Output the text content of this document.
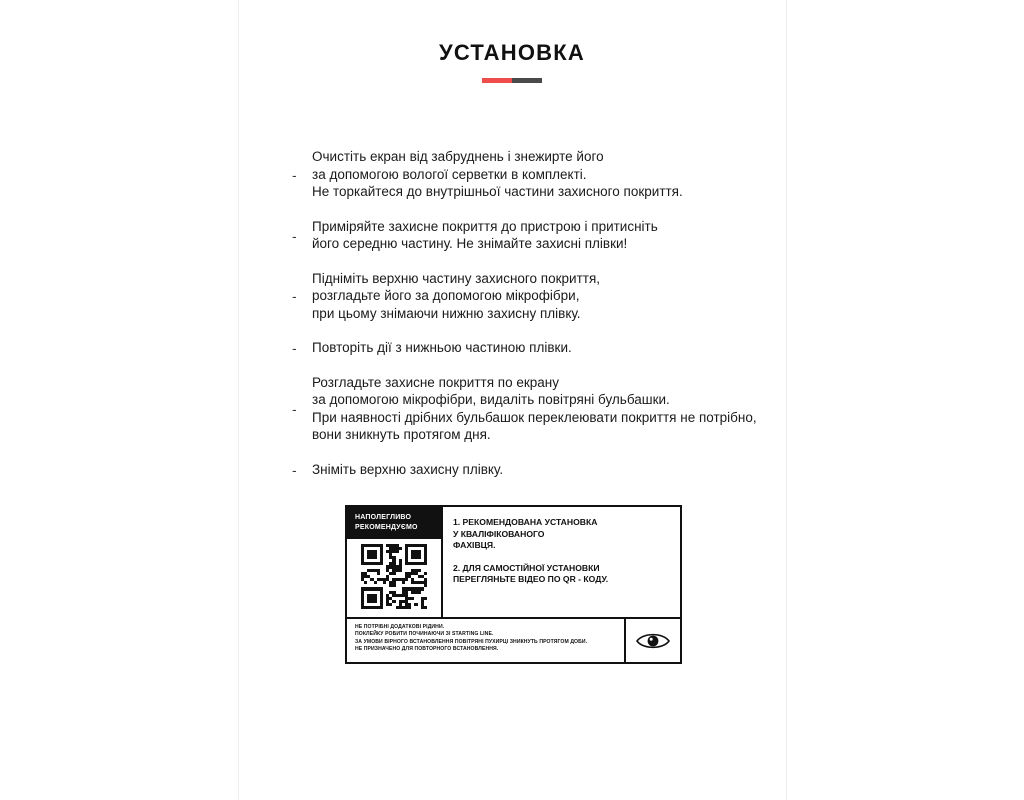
УСТАНОВКА
-
Очистіть екран від забруднень і знежирте його
за допомогою вологої серветки в комплекті.
Не торкайтеся до внутрішньої частини захисного покриття.
-
Приміряйте захисне покриття до пристрою і притисніть
його середню частину. Не знімайте захисні плівки!
-
Підніміть верхню частину захисного покриття,
розгладьте його за допомогою мікрофібри,
при цьому знімаючи нижню захисну плівку.
-	Повторіть дії з нижньою частиною плівки.
-
Розгладьте захисне покриття по екрану
за допомогою мікрофібри, видаліть повітряні бульбашки.
При наявності дрібних бульбашок переклеювати покриття не потрібно,
вони зникнуть протягом дня.
-	Зніміть верхню захисну плівку.
НАПОЛЕГЛИВО
РЕКОМЕНДУЄМО

1. РЕКОМЕНДОВАНА УСТАНОВКА
У КВАЛІФІКОВАНОГО
ФАХІВЦЯ.

2. ДЛЯ САМОСТІЙНОЇ УСТАНОВКИ
ПЕРЕГЛЯНЬТЕ ВІДЕО ПО QR - КОДУ.

НЕ ПОТРІБНІ ДОДАТКОВІ РІДИНИ.
ПОКЛЕЙКУ РОБИТИ ПОЧИНАЮЧИ ЗІ STARTING LINE.
ЗА УМОВИ ВІРНОГО ВСТАНОВЛЕННЯ ПОВІТРЯНІ ПУХИРЦІ ЗНИКНУТЬ ПРОТЯГОМ ДОБИ.
НЕ ПРИЗНАЧЕНО ДЛЯ ПОВТОРНОГО ВСТАНОВЛЕННЯ.
